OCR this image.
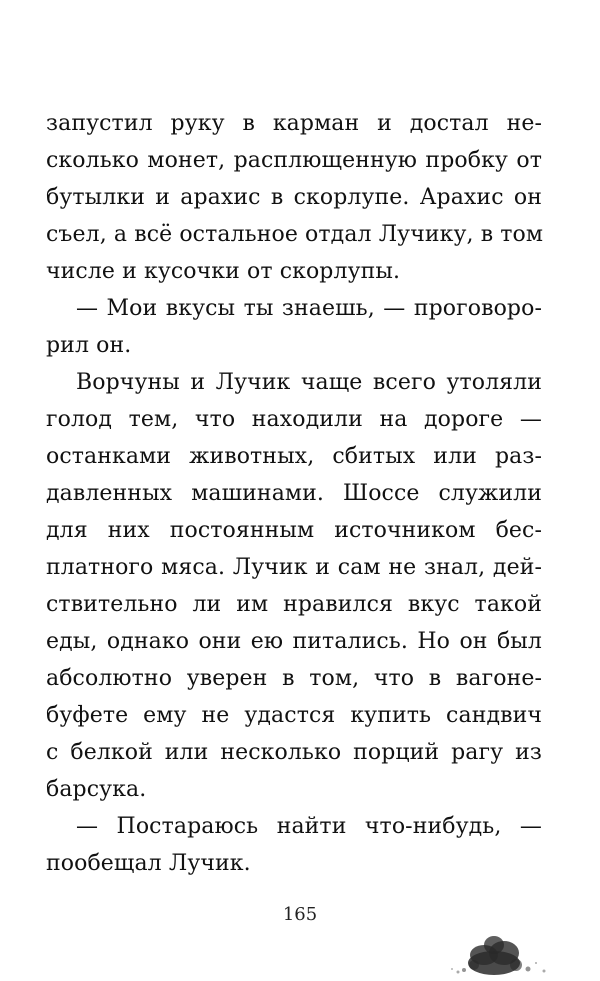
запустил руку в карман и достал не-
сколько монет, расплющенную пробку от
бутылки и арахис в скорлупе. Арахис он
съел, а всё остальное отдал Лучику, в том
числе и кусочки от скорлупы.
— Мои вкусы ты знаешь, — проговоро-
рил он.
Ворчуны и Лучик чаще всего утоляли
голод тем, что находили на дороге —
останками животных, сбитых или раз-
давленных машинами. Шоссе служили
для них постоянным источником бес-
платного мяса. Лучик и сам не знал, дей-
ствительно ли им нравился вкус такой
еды, однако они ею питались. Но он был
абсолютно уверен в том, что в вагоне-
буфете ему не удастся купить сандвич
с белкой или несколько порций рагу из
барсука.
— Постараюсь найти что-нибудь, —
пообещал Лучик.
165
